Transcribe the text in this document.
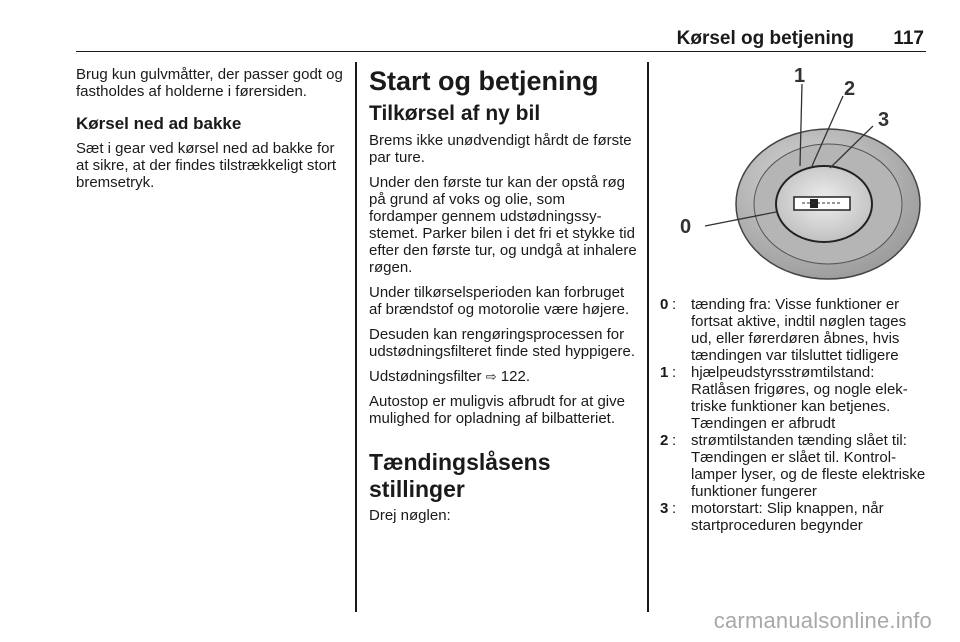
Kørsel og betjening 117

Brug kun gulvmåtter, der passer godt og fastholdes af holderne i førersiden.

Kørsel ned ad bakke

Sæt i gear ved kørsel ned ad bakke for at sikre, at der findes tilstrækkeligt stort bremsetryk.

Start og betjening
Tilkørsel af ny bil

Brems ikke unødvendigt hårdt de første par ture.

Under den første tur kan der opstå røg på grund af voks og olie, som fordamper gennem udstødningssystemet. Parker bilen i det fri et stykke tid efter den første tur, og undgå at inhalere røgen.

Under tilkørselsperioden kan forbruget af brændstof og motorolie være højere.

Desuden kan rengøringsprocessen for udstødningsfilteret finde sted hyppigere.

Udstødningsfilter ⇨ 122.

Autostop er muligvis afbrudt for at give mulighed for opladning af bilbatteriet.

Tændingslåsens stillinger

Drej nøglen:

0
1
2
3
0 : tænding fra: Visse funktioner er fortsat aktive, indtil nøglen tages ud, eller førerdøren åbnes, hvis tændingen var tilsluttet tidligere
1 : hjælpeudstyrsstrømtilstand: Ratlåsen frigøres, og nogle elektriske funktioner kan betjenes. Tændingen er afbrudt
2 : strømtilstanden tænding slået til: Tændingen er slået til. Kontrollamper lyser, og de fleste elektriske funktioner fungerer
3 : motorstart: Slip knappen, når startproceduren begynder
carmanualsonline.info
